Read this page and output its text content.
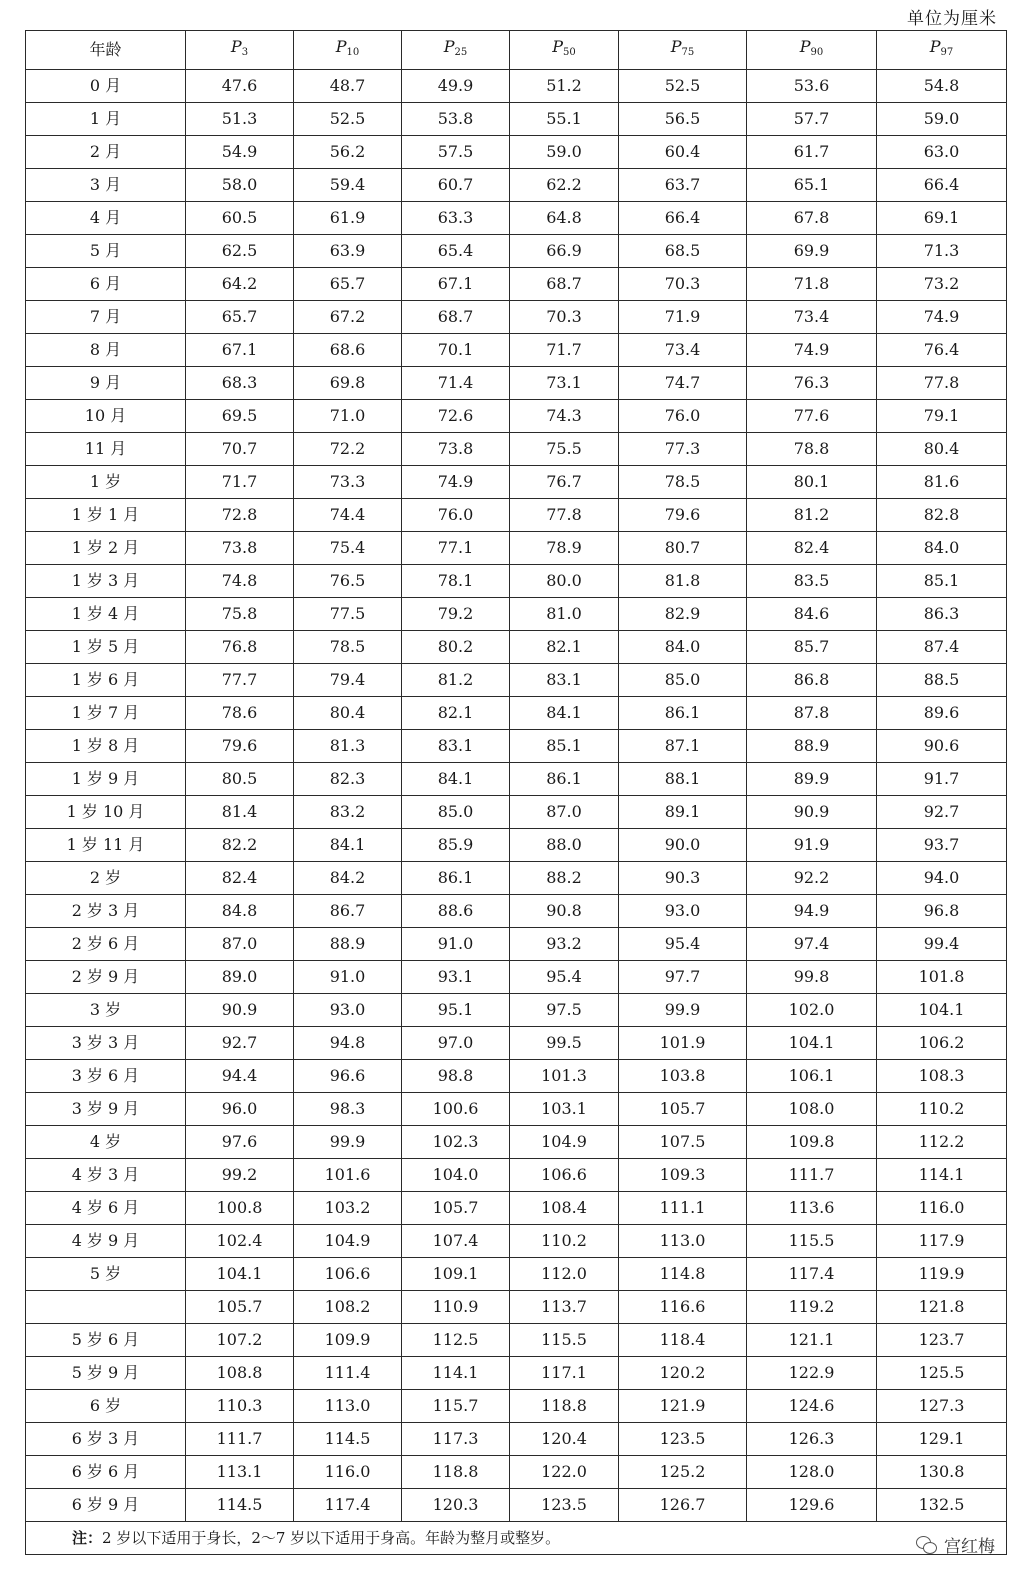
单位为厘米
年龄	$P_3$	$P_{10}$	$P_{25}$	$P_{50}$	$P_{75}$	$P_{90}$	$P_{97}$
0 月	47.6	48.7	49.9	51.2	52.5	53.6	54.8
1 月	51.3	52.5	53.8	55.1	56.5	57.7	59.0
2 月	54.9	56.2	57.5	59.0	60.4	61.7	63.0
3 月	58.0	59.4	60.7	62.2	63.7	65.1	66.4
4 月	60.5	61.9	63.3	64.8	66.4	67.8	69.1
5 月	62.5	63.9	65.4	66.9	68.5	69.9	71.3
6 月	64.2	65.7	67.1	68.7	70.3	71.8	73.2
7 月	65.7	67.2	68.7	70.3	71.9	73.4	74.9
8 月	67.1	68.6	70.1	71.7	73.4	74.9	76.4
9 月	68.3	69.8	71.4	73.1	74.7	76.3	77.8
10 月	69.5	71.0	72.6	74.3	76.0	77.6	79.1
11 月	70.7	72.2	73.8	75.5	77.3	78.8	80.4
1 岁	71.7	73.3	74.9	76.7	78.5	80.1	81.6
1 岁 1 月	72.8	74.4	76.0	77.8	79.6	81.2	82.8
1 岁 2 月	73.8	75.4	77.1	78.9	80.7	82.4	84.0
1 岁 3 月	74.8	76.5	78.1	80.0	81.8	83.5	85.1
1 岁 4 月	75.8	77.5	79.2	81.0	82.9	84.6	86.3
1 岁 5 月	76.8	78.5	80.2	82.1	84.0	85.7	87.4
1 岁 6 月	77.7	79.4	81.2	83.1	85.0	86.8	88.5
1 岁 7 月	78.6	80.4	82.1	84.1	86.1	87.8	89.6
1 岁 8 月	79.6	81.3	83.1	85.1	87.1	88.9	90.6
1 岁 9 月	80.5	82.3	84.1	86.1	88.1	89.9	91.7
1 岁 10 月	81.4	83.2	85.0	87.0	89.1	90.9	92.7
1 岁 11 月	82.2	84.1	85.9	88.0	90.0	91.9	93.7
2 岁	82.4	84.2	86.1	88.2	90.3	92.2	94.0
2 岁 3 月	84.8	86.7	88.6	90.8	93.0	94.9	96.8
2 岁 6 月	87.0	88.9	91.0	93.2	95.4	97.4	99.4
2 岁 9 月	89.0	91.0	93.1	95.4	97.7	99.8	101.8
3 岁	90.9	93.0	95.1	97.5	99.9	102.0	104.1
3 岁 3 月	92.7	94.8	97.0	99.5	101.9	104.1	106.2
3 岁 6 月	94.4	96.6	98.8	101.3	103.8	106.1	108.3
3 岁 9 月	96.0	98.3	100.6	103.1	105.7	108.0	110.2
4 岁	97.6	99.9	102.3	104.9	107.5	109.8	112.2
4 岁 3 月	99.2	101.6	104.0	106.6	109.3	111.7	114.1
4 岁 6 月	100.8	103.2	105.7	108.4	111.1	113.6	116.0
4 岁 9 月	102.4	104.9	107.4	110.2	113.0	115.5	117.9
5 岁	104.1	106.6	109.1	112.0	114.8	117.4	119.9
	105.7	108.2	110.9	113.7	116.6	119.2	121.8
5 岁 6 月	107.2	109.9	112.5	115.5	118.4	121.1	123.7
5 岁 9 月	108.8	111.4	114.1	117.1	120.2	122.9	125.5
6 岁	110.3	113.0	115.7	118.8	121.9	124.6	127.3
6 岁 3 月	111.7	114.5	117.3	120.4	123.5	126.3	129.1
6 岁 6 月	113.1	116.0	118.8	122.0	125.2	128.0	130.8
6 岁 9 月	114.5	117.4	120.3	123.5	126.7	129.6	132.5
注：2 岁以下适用于身长，2〜7 岁以下适用于身高。年龄为整月或整岁。								宫红梅
